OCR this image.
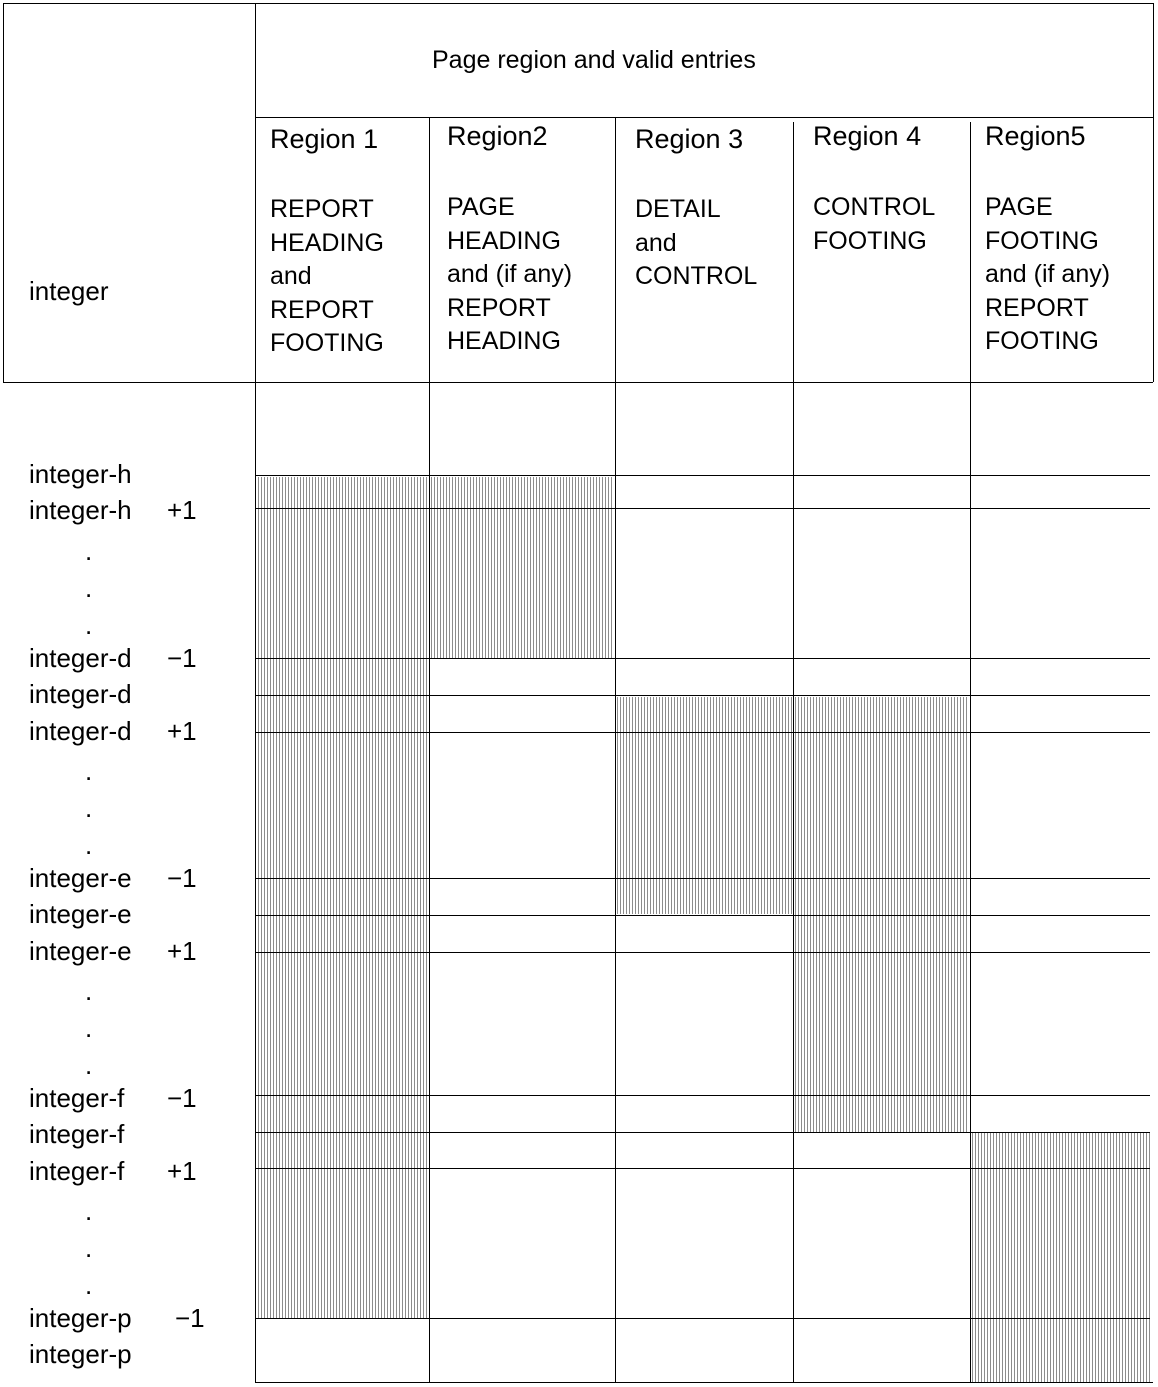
Page region and valid entries
integer
Region 1
REPORT
HEADING
and
REPORT
FOOTING
Region2
PAGE
HEADING
and (if any)
REPORT
HEADING
Region 3
DETAIL
and
CONTROL
Region 4
CONTROL
FOOTING
Region5
PAGE
FOOTING
and (if any)
REPORT
FOOTING
integer-h
integer-h +1
.
.
.
integer-d −1
integer-d
integer-d +1
.
.
.
integer-e −1
integer-e
integer-e +1
.
.
.
integer-f −1
integer-f
integer-f +1
.
.
.
integer-p −1
integer-p
